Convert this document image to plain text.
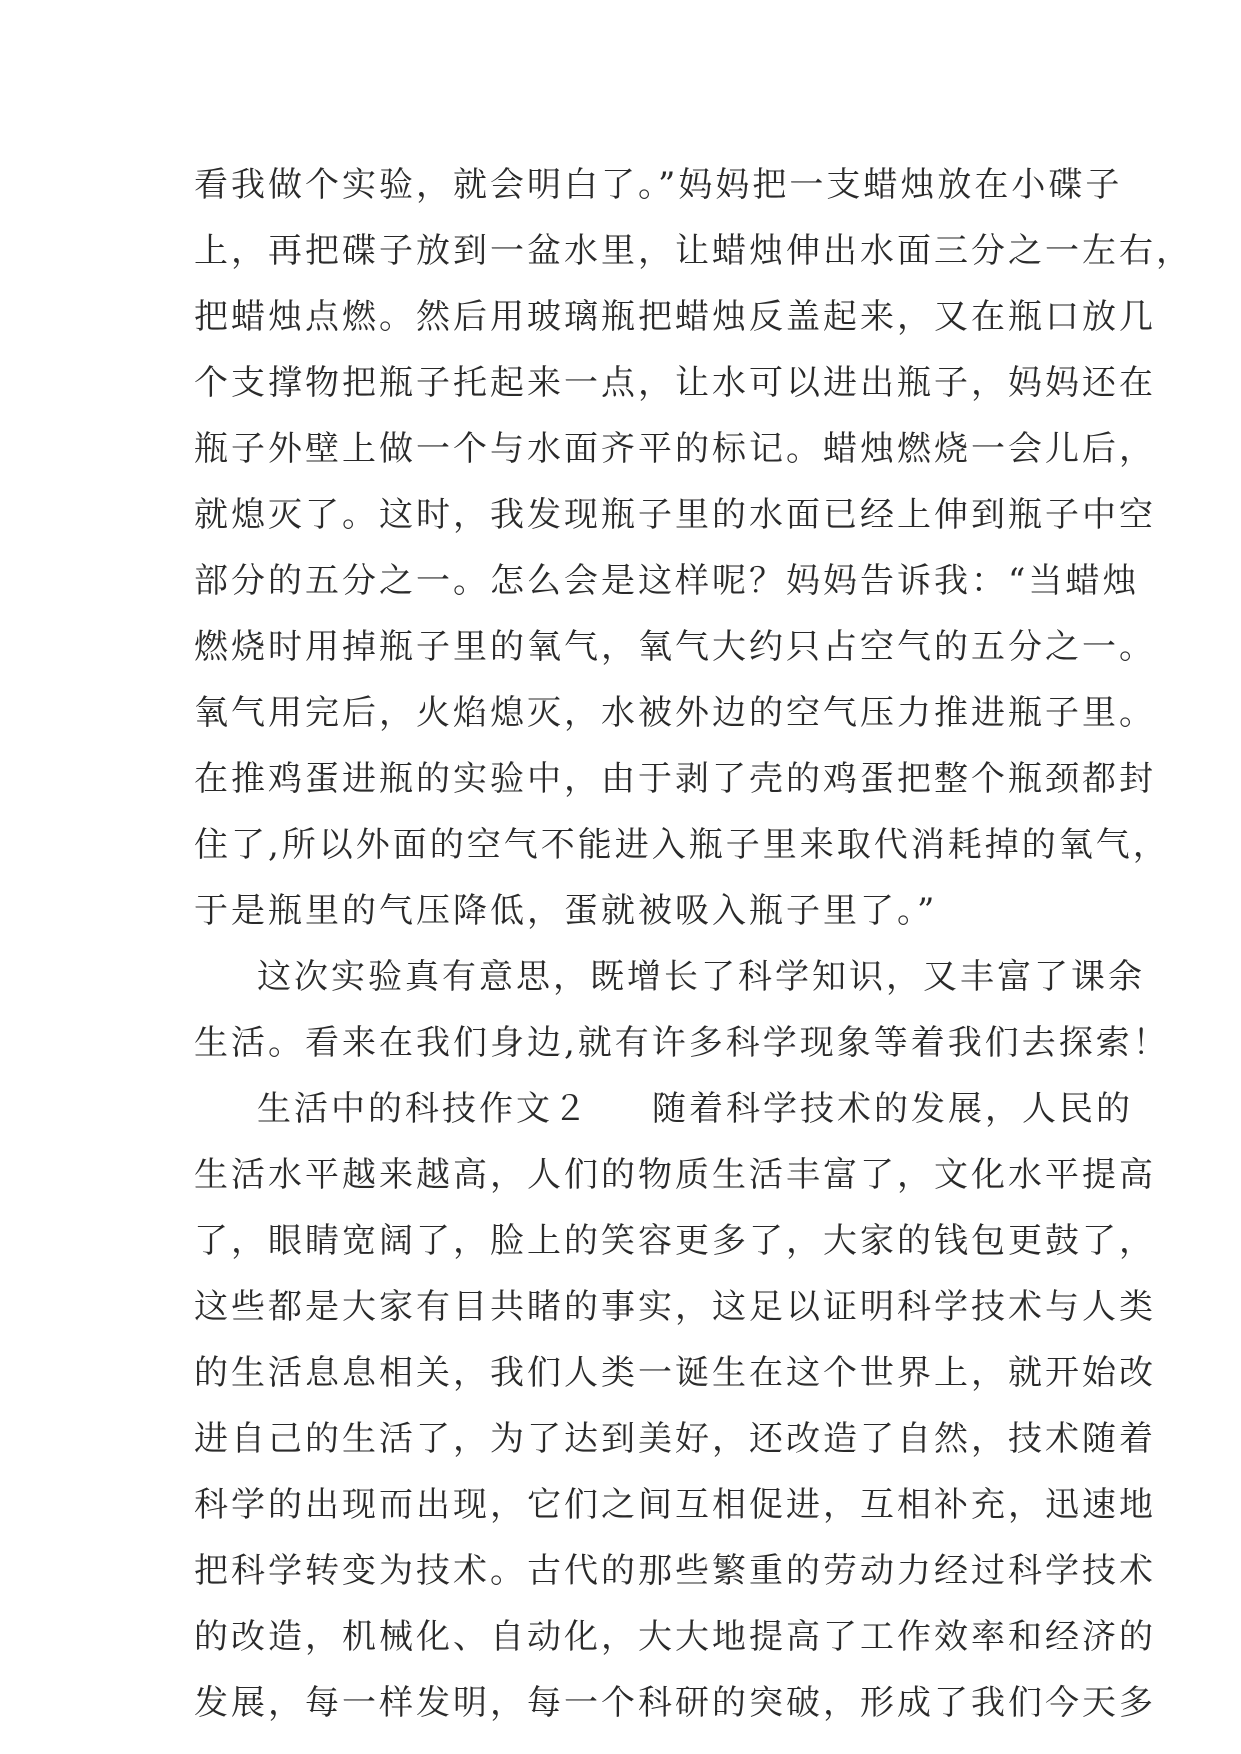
看我做个实验，就会明白了。”妈妈把一支蜡烛放在小碟子
上，再把碟子放到一盆水里，让蜡烛伸出水面三分之一左右，
把蜡烛点燃。然后用玻璃瓶把蜡烛反盖起来，又在瓶口放几
个支撑物把瓶子托起来一点，让水可以进出瓶子，妈妈还在
瓶子外壁上做一个与水面齐平的标记。蜡烛燃烧一会儿后，
就熄灭了。这时，我发现瓶子里的水面已经上伸到瓶子中空
部分的五分之一。怎么会是这样呢？妈妈告诉我：“当蜡烛
燃烧时用掉瓶子里的氧气，氧气大约只占空气的五分之一。
氧气用完后，火焰熄灭，水被外边的空气压力推进瓶子里。
在推鸡蛋进瓶的实验中，由于剥了壳的鸡蛋把整个瓶颈都封
住了,所以外面的空气不能进入瓶子里来取代消耗掉的氧气，
于是瓶里的气压降低，蛋就被吸入瓶子里了。”
这次实验真有意思，既增长了科学知识，又丰富了课余
生活。看来在我们身边,就有许多科学现象等着我们去探索！
生活中的科技作文２ 随着科学技术的发展，人民的
生活水平越来越高，人们的物质生活丰富了，文化水平提高
了，眼睛宽阔了，脸上的笑容更多了，大家的钱包更鼓了，
这些都是大家有目共睹的事实，这足以证明科学技术与人类
的生活息息相关，我们人类一诞生在这个世界上，就开始改
进自己的生活了，为了达到美好，还改造了自然，技术随着
科学的出现而出现，它们之间互相促进，互相补充，迅速地
把科学转变为技术。古代的那些繁重的劳动力经过科学技术
的改造，机械化、自动化，大大地提高了工作效率和经济的
发展，每一样发明，每一个科研的突破，形成了我们今天多
